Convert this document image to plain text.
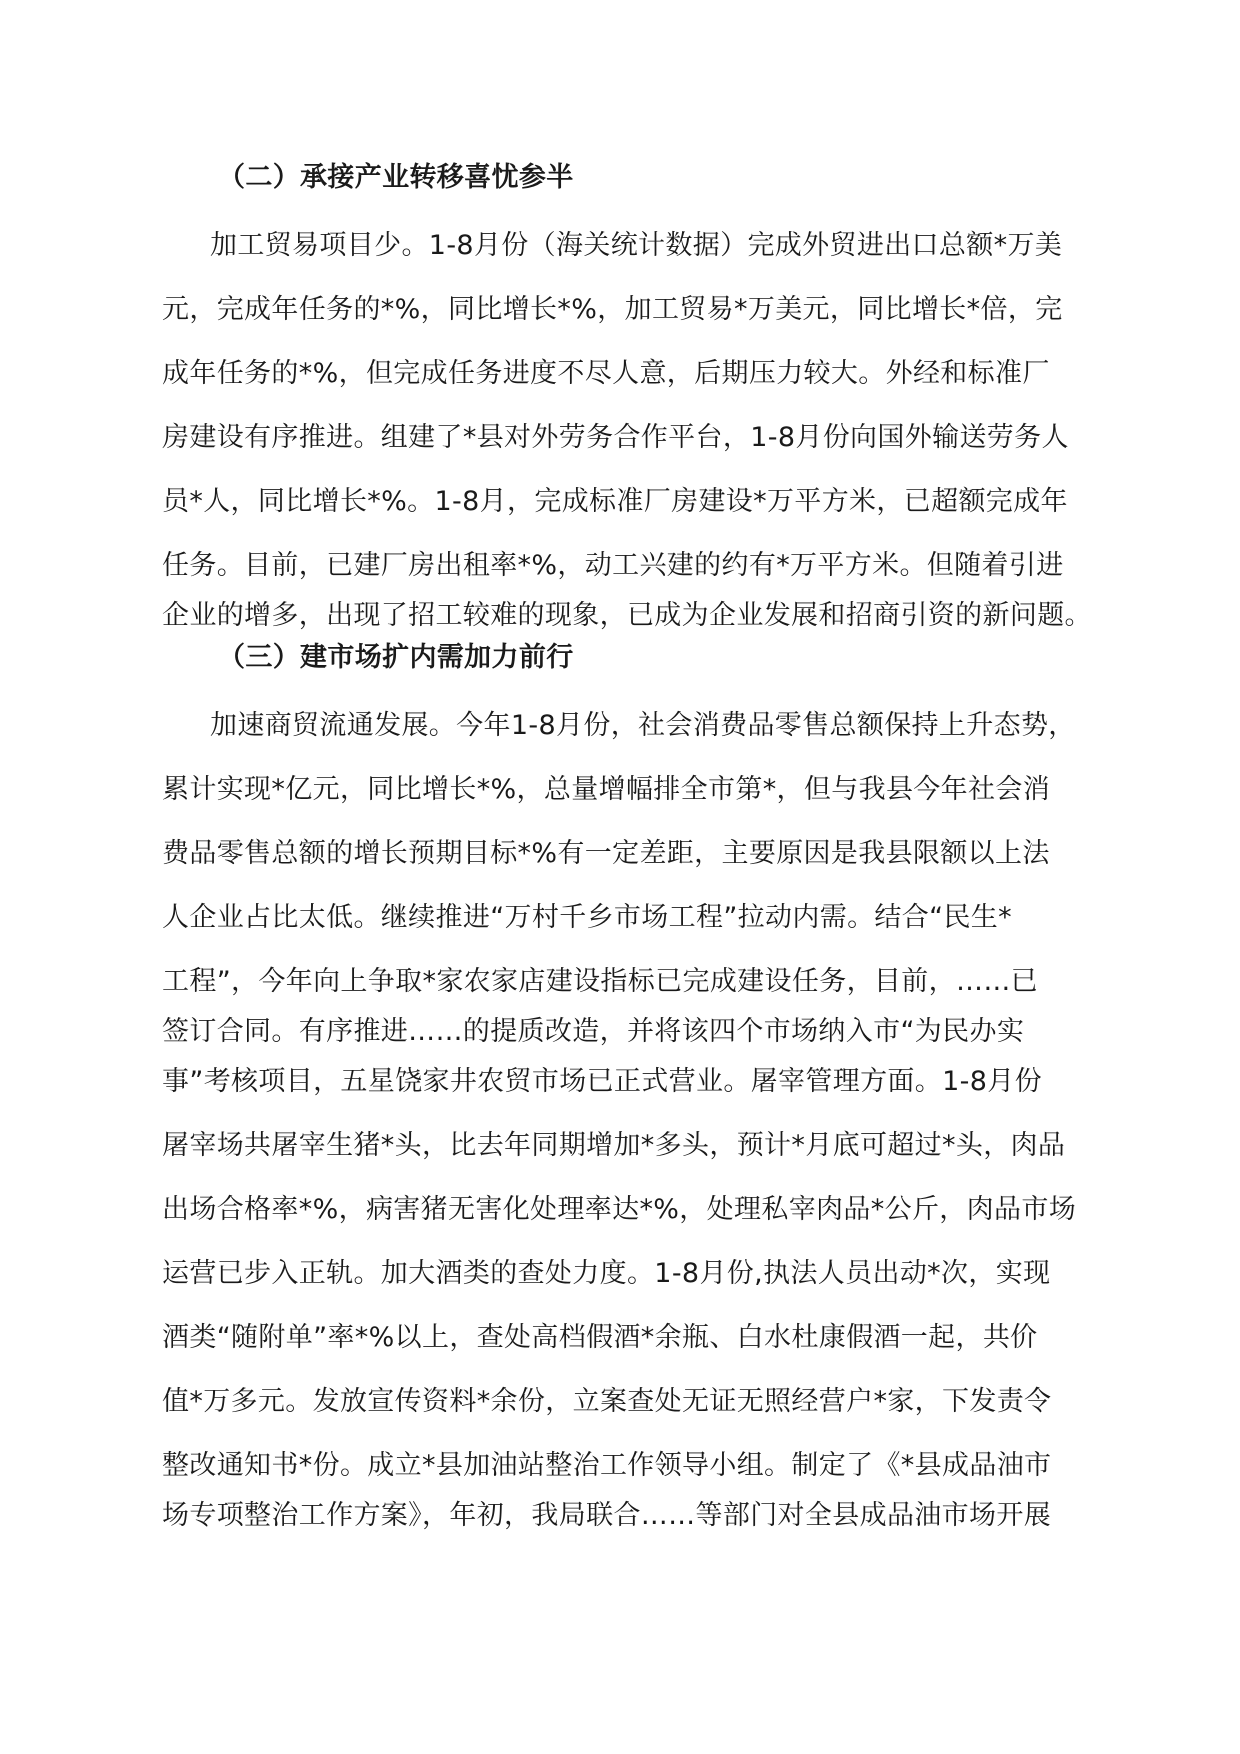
（二）承接产业转移喜忧参半
加工贸易项目少。1-8月份（海关统计数据）完成外贸进出口总额*万美
元，完成年任务的*%，同比增长*%，加工贸易*万美元，同比增长*倍，完
成年任务的*%，但完成任务进度不尽人意，后期压力较大。外经和标准厂
房建设有序推进。组建了*县对外劳务合作平台，1-8月份向国外输送劳务人
员*人，同比增长*%。1-8月，完成标准厂房建设*万平方米，已超额完成年
任务。目前，已建厂房出租率*%，动工兴建的约有*万平方米。但随着引进
企业的增多，出现了招工较难的现象，已成为企业发展和招商引资的新问题。
（三）建市场扩内需加力前行
加速商贸流通发展。今年1-8月份，社会消费品零售总额保持上升态势，
累计实现*亿元，同比增长*%，总量增幅排全市第*，但与我县今年社会消
费品零售总额的增长预期目标*%有一定差距，主要原因是我县限额以上法
人企业占比太低。继续推进“万村千乡市场工程”拉动内需。结合“民生*
工程”，今年向上争取*家农家店建设指标已完成建设任务，目前，……已
签订合同。有序推进……的提质改造，并将该四个市场纳入市“为民办实
事”考核项目，五星饶家井农贸市场已正式营业。屠宰管理方面。1-8月份
屠宰场共屠宰生猪*头，比去年同期增加*多头，预计*月底可超过*头，肉品
出场合格率*%，病害猪无害化处理率达*%，处理私宰肉品*公斤，肉品市场
运营已步入正轨。加大酒类的查处力度。1-8月份,执法人员出动*次，实现
酒类“随附单”率*%以上，查处高档假酒*余瓶、白水杜康假酒一起，共价
值*万多元。发放宣传资料*余份，立案查处无证无照经营户*家，下发责令
整改通知书*份。成立*县加油站整治工作领导小组。制定了《*县成品油市
场专项整治工作方案》，年初，我局联合……等部门对全县成品油市场开展
